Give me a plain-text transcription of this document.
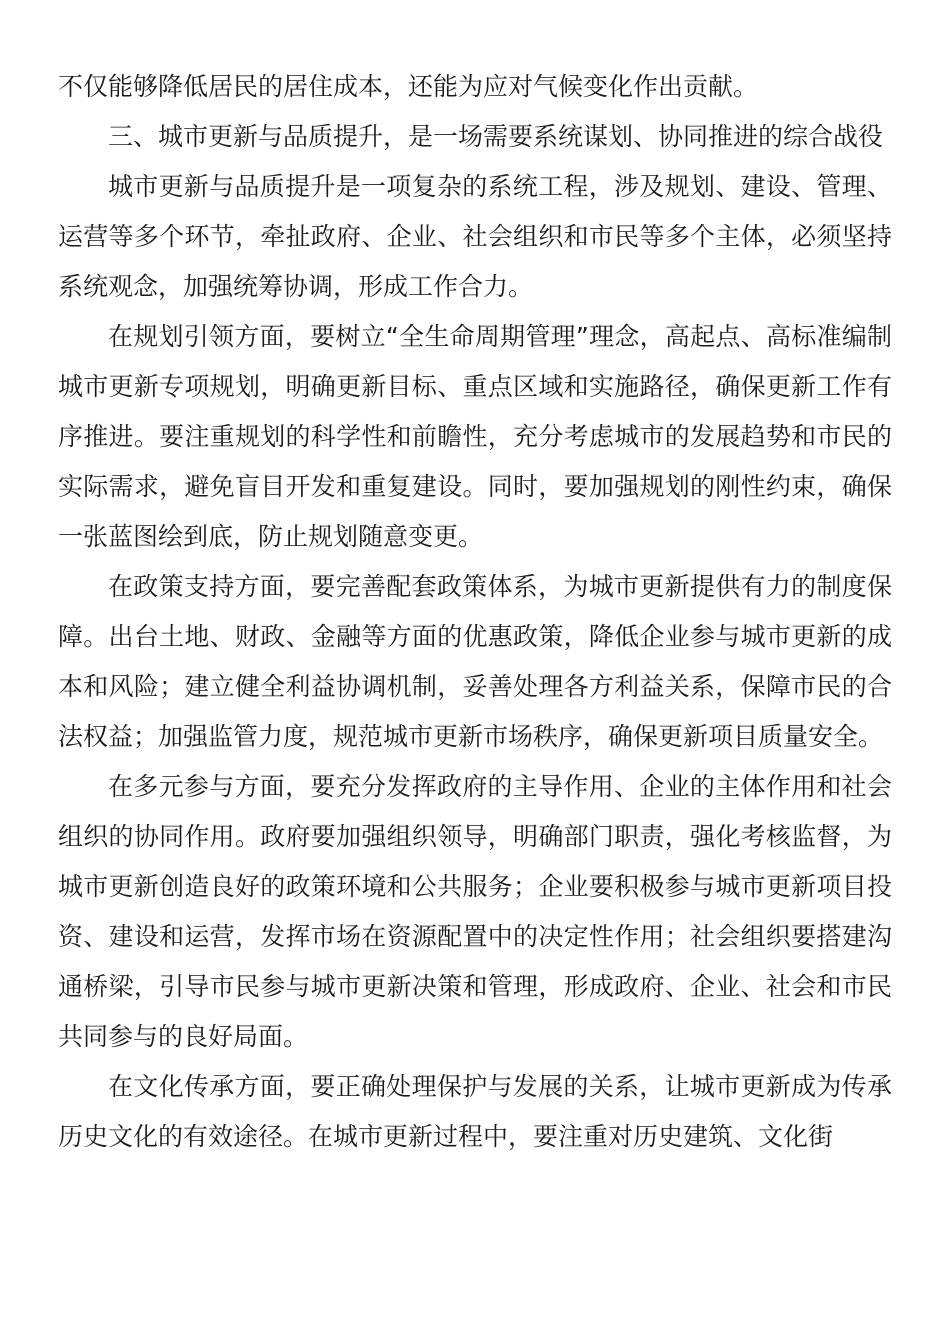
不仅能够降低居民的居住成本，还能为应对气候变化作出贡献。

三、城市更新与品质提升，是一场需要系统谋划、协同推进的综合战役

城市更新与品质提升是一项复杂的系统工程，涉及规划、建设、管理、运营等多个环节，牵扯政府、企业、社会组织和市民等多个主体，必须坚持系统观念，加强统筹协调，形成工作合力。

在规划引领方面，要树立“全生命周期管理”理念，高起点、高标准编制城市更新专项规划，明确更新目标、重点区域和实施路径，确保更新工作有序推进。要注重规划的科学性和前瞻性，充分考虑城市的发展趋势和市民的实际需求，避免盲目开发和重复建设。同时，要加强规划的刚性约束，确保一张蓝图绘到底，防止规划随意变更。

在政策支持方面，要完善配套政策体系，为城市更新提供有力的制度保障。出台土地、财政、金融等方面的优惠政策，降低企业参与城市更新的成本和风险；建立健全利益协调机制，妥善处理各方利益关系，保障市民的合法权益；加强监管力度，规范城市更新市场秩序，确保更新项目质量安全。

在多元参与方面，要充分发挥政府的主导作用、企业的主体作用和社会组织的协同作用。政府要加强组织领导，明确部门职责，强化考核监督，为城市更新创造良好的政策环境和公共服务；企业要积极参与城市更新项目投资、建设和运营，发挥市场在资源配置中的决定性作用；社会组织要搭建沟通桥梁，引导市民参与城市更新决策和管理，形成政府、企业、社会和市民共同参与的良好局面。

在文化传承方面，要正确处理保护与发展的关系，让城市更新成为传承历史文化的有效途径。在城市更新过程中，要注重对历史建筑、文化街
